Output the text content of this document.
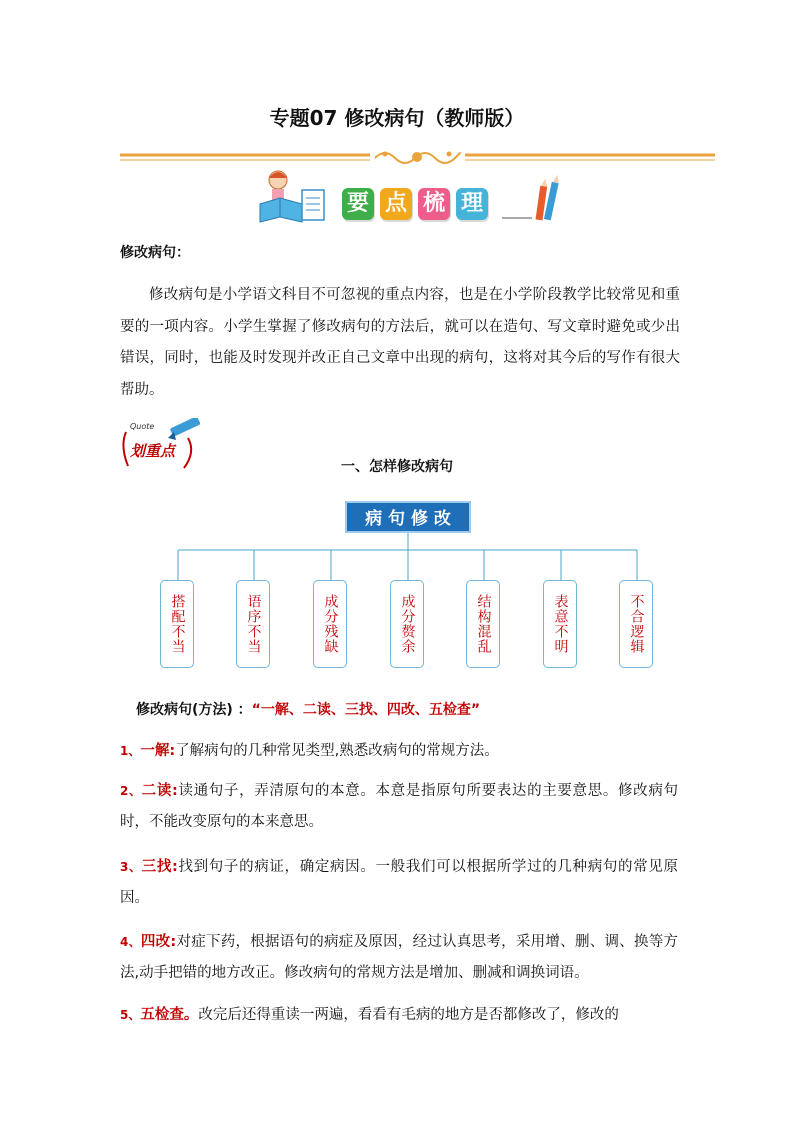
专题07 修改病句（教师版）
要 点 梳 理
修改病句：
修改病句是小学语文科目不可忽视的重点内容，也是在小学阶段教学比较常见和重要的一项内容。小学生掌握了修改病句的方法后，就可以在造句、写文章时避免或少出错误，同时，也能及时发现并改正自己文章中出现的病句，这将对其今后的写作有很大帮助。
Quote
划重点
一、怎样修改病句
病 句 修 改
搭配不当	语序不当	成分残缺	成分赘余	结构混乱	表意不明	不合逻辑
修改病句(方法) ：“一解、二读、三找、四改、五检查”
1、一解:了解病句的几种常见类型,熟悉改病句的常规方法。
2、二读:读通句子，弄清原句的本意。本意是指原句所要表达的主要意思。修改病句时，不能改变原句的本来意思。
3、三找:找到句子的病证，确定病因。一般我们可以根据所学过的几种病句的常见原因。
4、四改:对症下药，根据语句的病症及原因，经过认真思考，采用增、删、调、换等方法,动手把错的地方改正。修改病句的常规方法是增加、删减和调换词语。
5、五检查。改完后还得重读一两遍，看看有毛病的地方是否都修改了，修改的
